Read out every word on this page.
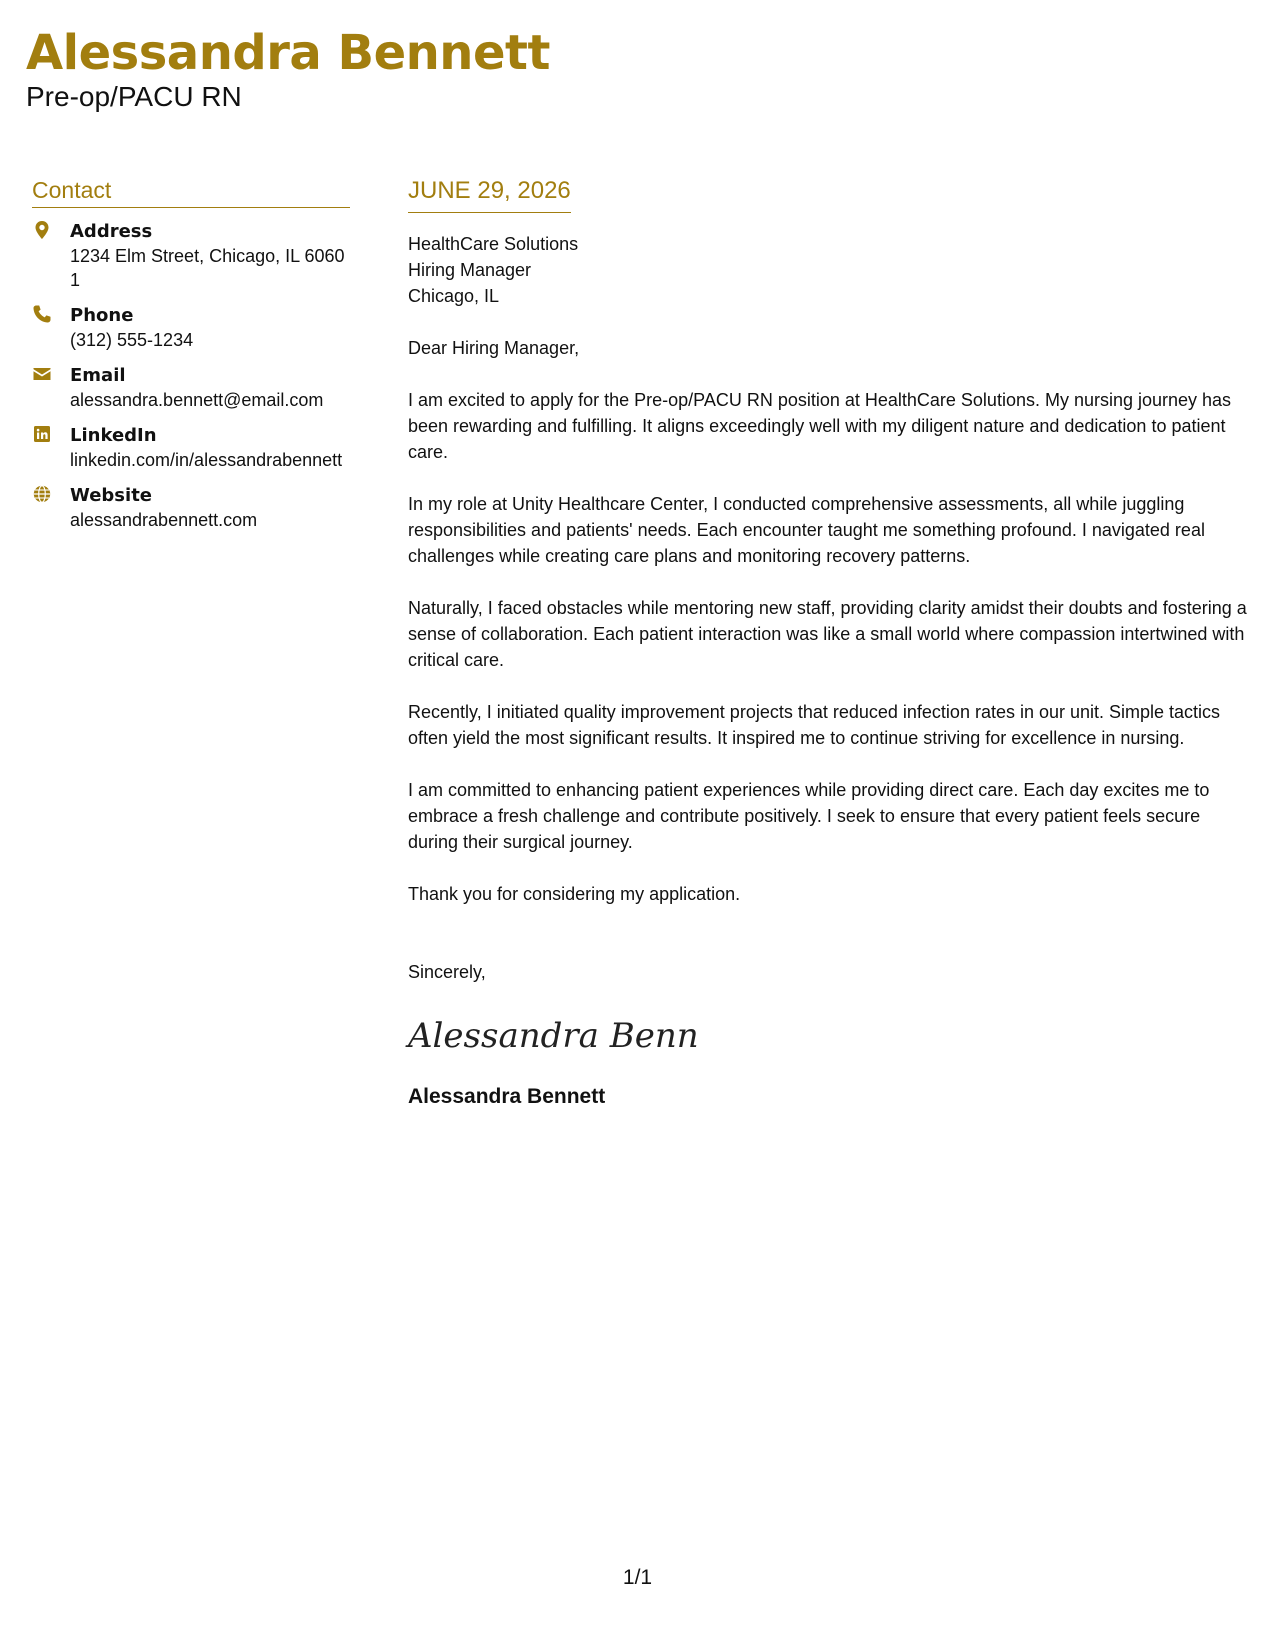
Alessandra Bennett
Pre-op/PACU RN
Contact
Address
1234 Elm Street, Chicago, IL 60601
Phone
(312) 555-1234
Email
alessandra.bennett@email.com
LinkedIn
linkedin.com/in/alessandrabennett
Website
alessandrabennett.com
JUNE 29, 2026
HealthCare Solutions
Hiring Manager
Chicago, IL
Dear Hiring Manager,
I am excited to apply for the Pre-op/PACU RN position at HealthCare Solutions. My nursing journey has been rewarding and fulfilling. It aligns exceedingly well with my diligent nature and dedication to patient care.
In my role at Unity Healthcare Center, I conducted comprehensive assessments, all while juggling responsibilities and patients' needs. Each encounter taught me something profound. I navigated real challenges while creating care plans and monitoring recovery patterns.
Naturally, I faced obstacles while mentoring new staff, providing clarity amidst their doubts and fostering a sense of collaboration. Each patient interaction was like a small world where compassion intertwined with critical care.
Recently, I initiated quality improvement projects that reduced infection rates in our unit. Simple tactics often yield the most significant results. It inspired me to continue striving for excellence in nursing.
I am committed to enhancing patient experiences while providing direct care. Each day excites me to embrace a fresh challenge and contribute positively. I seek to ensure that every patient feels secure during their surgical journey.
Thank you for considering my application.
Sincerely,
Alessandra Benn
Alessandra Bennett
1/1
